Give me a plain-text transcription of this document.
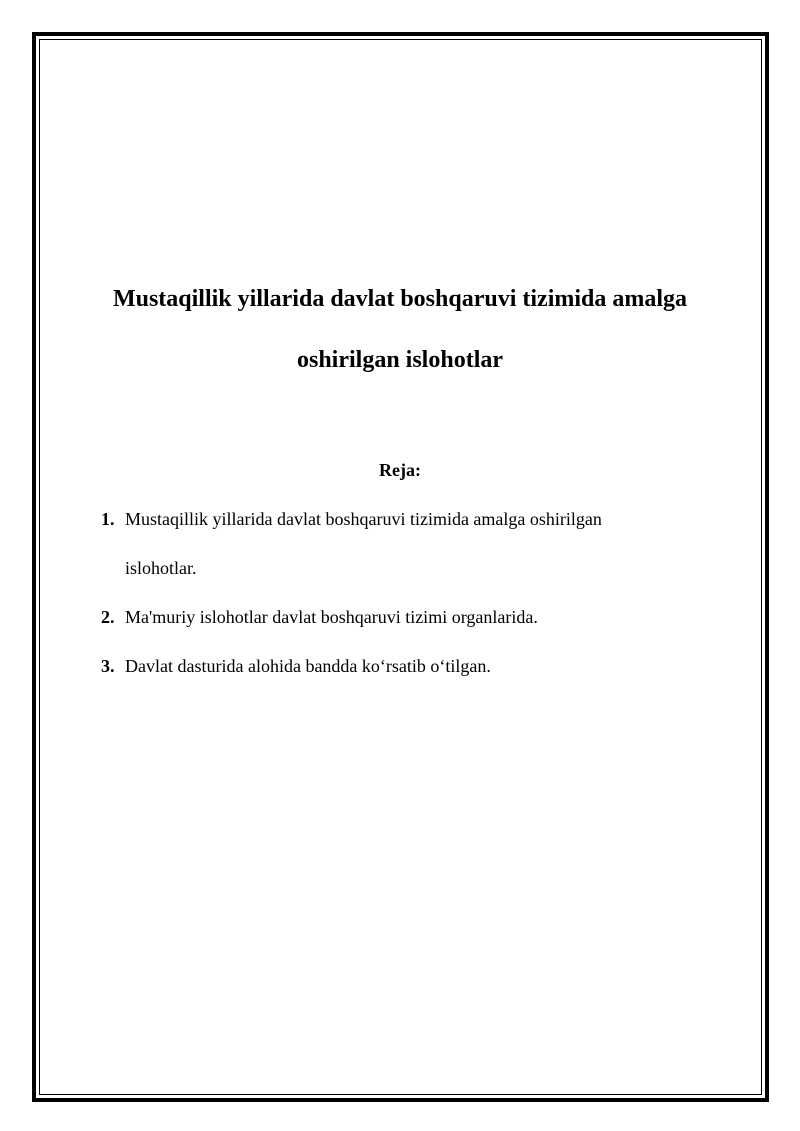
Mustaqillik yillarida davlat boshqaruvi tizimida amalga
oshirilgan islohotlar
Reja:
1. Mustaqillik yillarida davlat boshqaruvi tizimida amalga oshirilgan
islohotlar.
2. Ma'muriy islohotlar davlat boshqaruvi tizimi organlarida.
3. Davlat dasturida alohida bandda ko‘rsatib o‘tilgan.
